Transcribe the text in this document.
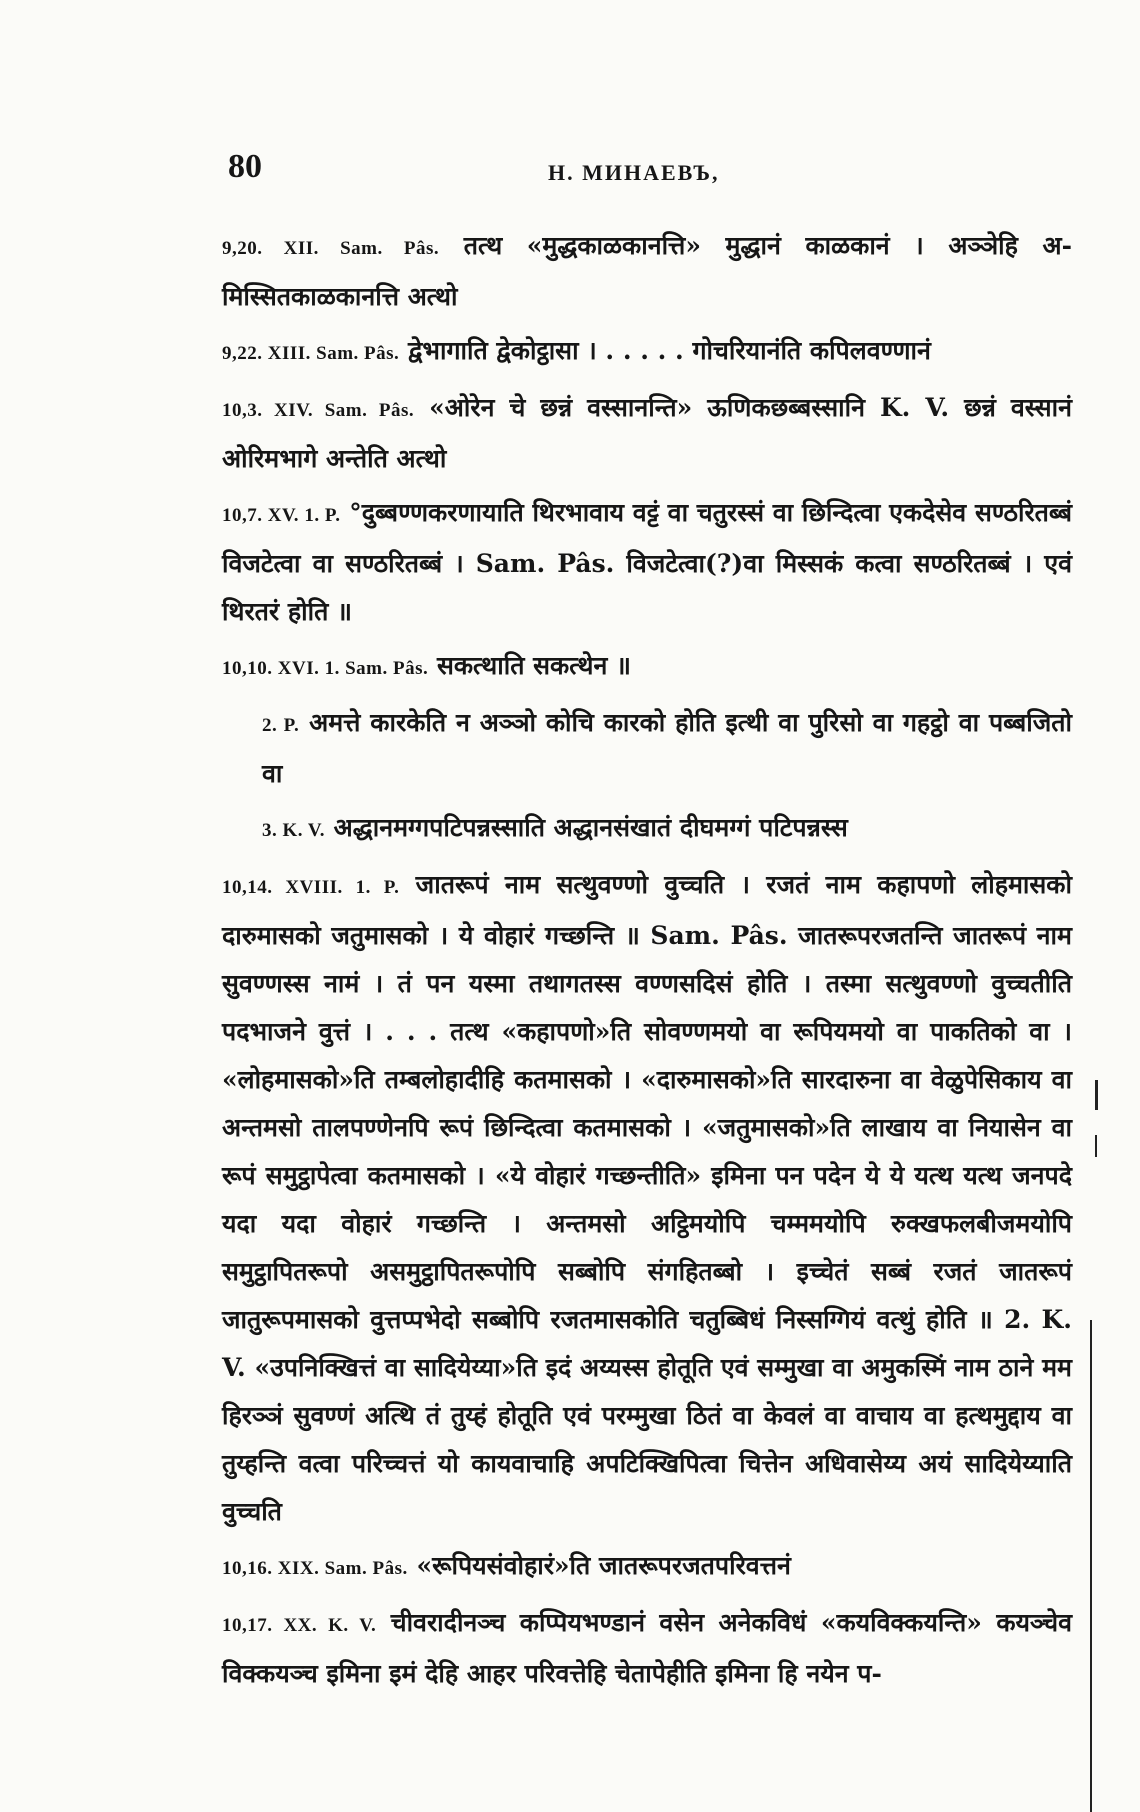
80	Н. МИНАЕВЪ,

9,20. XII. Sam. Pâs. तत्थ «मुद्धकाळकानत्ति» मुद्धानं काळकानं । अञ्ञेहि अ-मिस्सितकाळकानत्ति अत्थो

9,22. XIII. Sam. Pâs. द्वेभागाति द्वेकोट्ठासा । . . . . . गोचरियानंति कपिलवण्णानं

10,3. XIV. Sam. Pâs. «ओरेन चे छन्नं वस्सानन्ति» ऊणिकछब्बस्सानि K. V. छन्नं वस्सानं ओरिमभागे अन्तेति अत्थो

10,7. XV. 1. P. °दुब्बण्णकरणायाति थिरभावाय वट्टं वा चतुरस्सं वा छिन्दित्वा एकदेसेव सण्ठरितब्बं विजटेत्वा वा सण्ठरितब्बं । Sam. Pâs. विजटेत्वा(?)वा मिस्सकं कत्वा सण्ठरितब्बं । एवं थिरतरं होति ॥

10,10. XVI. 1. Sam. Pâs. सकत्थाति सकत्थेन ॥

2. P. अमत्ते कारकेति न अञ्ञो कोचि कारको होति इत्थी वा पुरिसो वा गहट्ठो वा पब्बजितो वा

3. K. V. अद्धानमग्गपटिपन्नस्साति अद्धानसंखातं दीघमग्गं पटिपन्नस्स

10,14. XVIII. 1. P. जातरूपं नाम सत्थुवण्णो वुच्चति । रजतं नाम कहापणो लोहमासको दारुमासको जतुमासको । ये वोहारं गच्छन्ति ॥ Sam. Pâs. जातरूपरजतन्ति जातरूपं नाम सुवण्णस्स नामं । तं पन यस्मा तथागतस्स वण्णसदिसं होति । तस्मा सत्थुवण्णो वुच्चतीति पदभाजने वुत्तं । . . . तत्थ «कहापणो»ति सोवण्णमयो वा रूपियमयो वा पाकतिको वा । «लोहमासको»ति तम्बलोहादीहि कतमासको । «दारुमासको»ति सारदारुना वा वेळुपेसिकाय वा अन्तमसो तालपण्णेनपि रूपं छिन्दित्वा कतमासको । «जतुमासको»ति लाखाय वा नियासेन वा रूपं समुट्ठापेत्वा कतमासको । «ये वोहारं गच्छन्तीति» इमिना पन पदेन ये ये यत्थ यत्थ जनपदे यदा यदा वोहारं गच्छन्ति । अन्तमसो अट्ठिमयोपि चम्ममयोपि रुक्खफलबीजमयोपि समुट्ठापितरूपो असमुट्ठापितरूपोपि सब्बोपि संगहितब्बो । इच्चेतं सब्बं रजतं जातरूपं जातुरूपमासको वुत्तप्पभेदो सब्बोपि रजतमासकोति चतुब्बिधं निस्सग्गियं वत्थुं होति ॥ 2. K. V. «उपनिक्खित्तं वा सादियेय्या»ति इदं अय्यस्स होतूति एवं सम्मुखा वा अमुकस्मिं नाम ठाने मम हिरञ्ञं सुवण्णं अत्थि तं तुय्हं होतूति एवं परम्मुखा ठितं वा केवलं वा वाचाय वा हत्थमुद्दाय वा तुय्हन्ति वत्वा परिच्चत्तं यो कायवाचाहि अपटिक्खिपित्वा चित्तेन अधिवासेय्य अयं सादियेय्याति वुच्चति

10,16. XIX. Sam. Pâs. «रूपियसंवोहारं»ति जातरूपरजतपरिवत्तनं

10,17. XX. K. V. चीवरादीनञ्च कप्पियभण्डानं वसेन अनेकविधं «कयविक्कयन्ति» कयञ्चेव विक्कयञ्च इमिना इमं देहि आहर परिवत्तेहि चेतापेहीति इमिना हि नयेन प-
